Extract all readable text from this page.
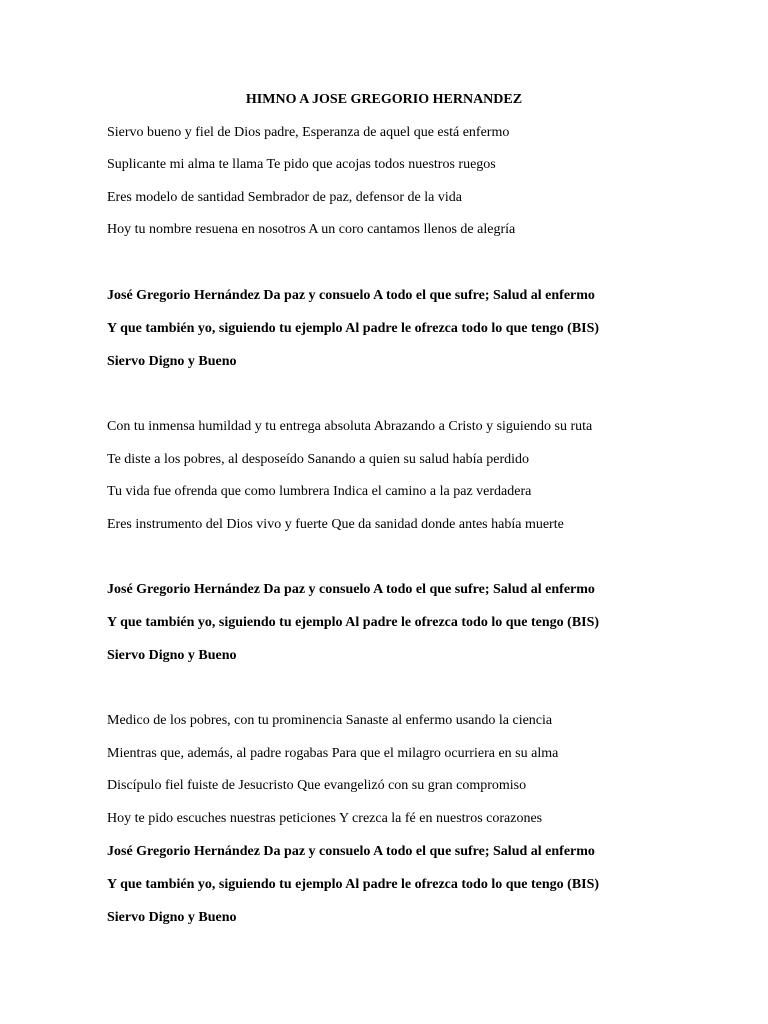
HIMNO A JOSE GREGORIO HERNANDEZ

Siervo bueno y fiel de Dios padre, Esperanza de aquel que está enfermo

Suplicante mi alma te llama Te pido que acojas todos nuestros ruegos

Eres modelo de santidad Sembrador de paz, defensor de la vida

Hoy tu nombre resuena en nosotros A un coro cantamos llenos de alegría

José Gregorio Hernández Da paz y consuelo A todo el que sufre; Salud al enfermo

Y que también yo, siguiendo tu ejemplo Al padre le ofrezca todo lo que tengo (BIS)

Siervo Digno y Bueno

Con tu inmensa humildad y tu entrega absoluta Abrazando a Cristo y siguiendo su ruta

Te diste a los pobres, al desposeído Sanando a quien su salud había perdido

Tu vida fue ofrenda que como lumbrera Indica el camino a la paz verdadera

Eres instrumento del Dios vivo y fuerte Que da sanidad donde antes había muerte

José Gregorio Hernández Da paz y consuelo A todo el que sufre; Salud al enfermo

Y que también yo, siguiendo tu ejemplo Al padre le ofrezca todo lo que tengo (BIS)

Siervo Digno y Bueno

Medico de los pobres, con tu prominencia Sanaste al enfermo usando la ciencia

Mientras que, además, al padre rogabas Para que el milagro ocurriera en su alma

Discípulo fiel fuiste de Jesucristo Que evangelizó con su gran compromiso

Hoy te pido escuches nuestras peticiones Y crezca la fé en nuestros corazones

José Gregorio Hernández Da paz y consuelo A todo el que sufre; Salud al enfermo

Y que también yo, siguiendo tu ejemplo Al padre le ofrezca todo lo que tengo (BIS)

Siervo Digno y Bueno
